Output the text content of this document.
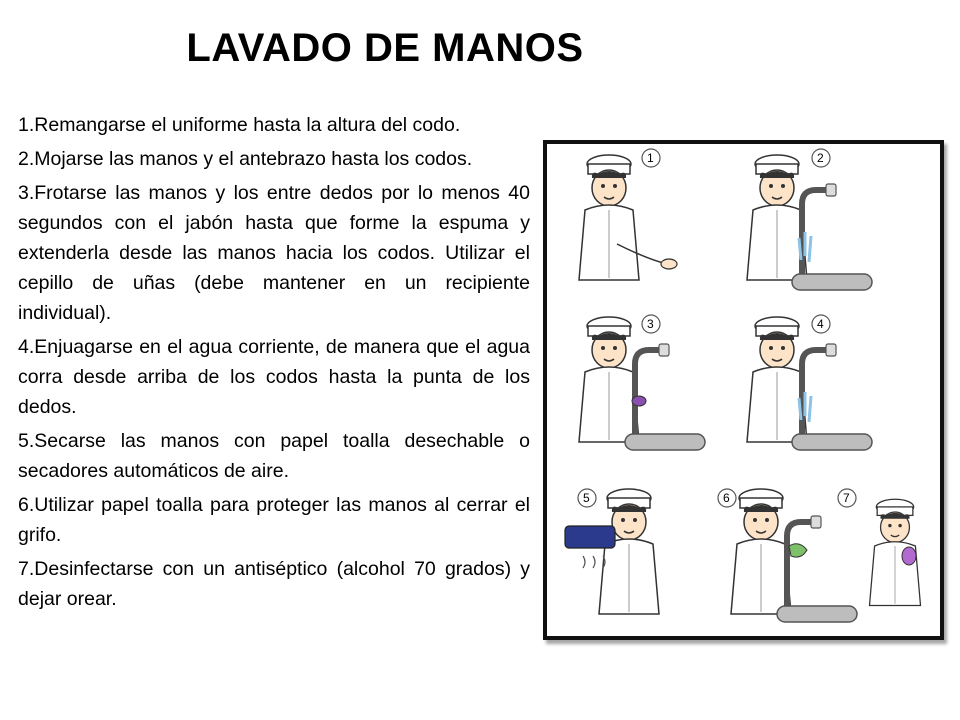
LAVADO DE MANOS
1.Remangarse el uniforme hasta la altura del codo.
2.Mojarse las manos y el antebrazo hasta los codos.
3.Frotarse las manos y los entre dedos por lo menos 40 segundos con el jabón hasta que forme la espuma y extenderla desde las manos hacia los codos. Utilizar el cepillo de uñas (debe mantener en un recipiente individual).
4.Enjuagarse en el agua corriente, de manera que el agua corra desde arriba de los codos hasta la punta de los dedos.
5.Secarse las manos con papel toalla desechable o secadores automáticos de aire.
6.Utilizar papel toalla para proteger las manos al cerrar el grifo.
7.Desinfectarse con un antiséptico (alcohol 70 grados) y dejar orear.
1	2
3	4
5	6	7
